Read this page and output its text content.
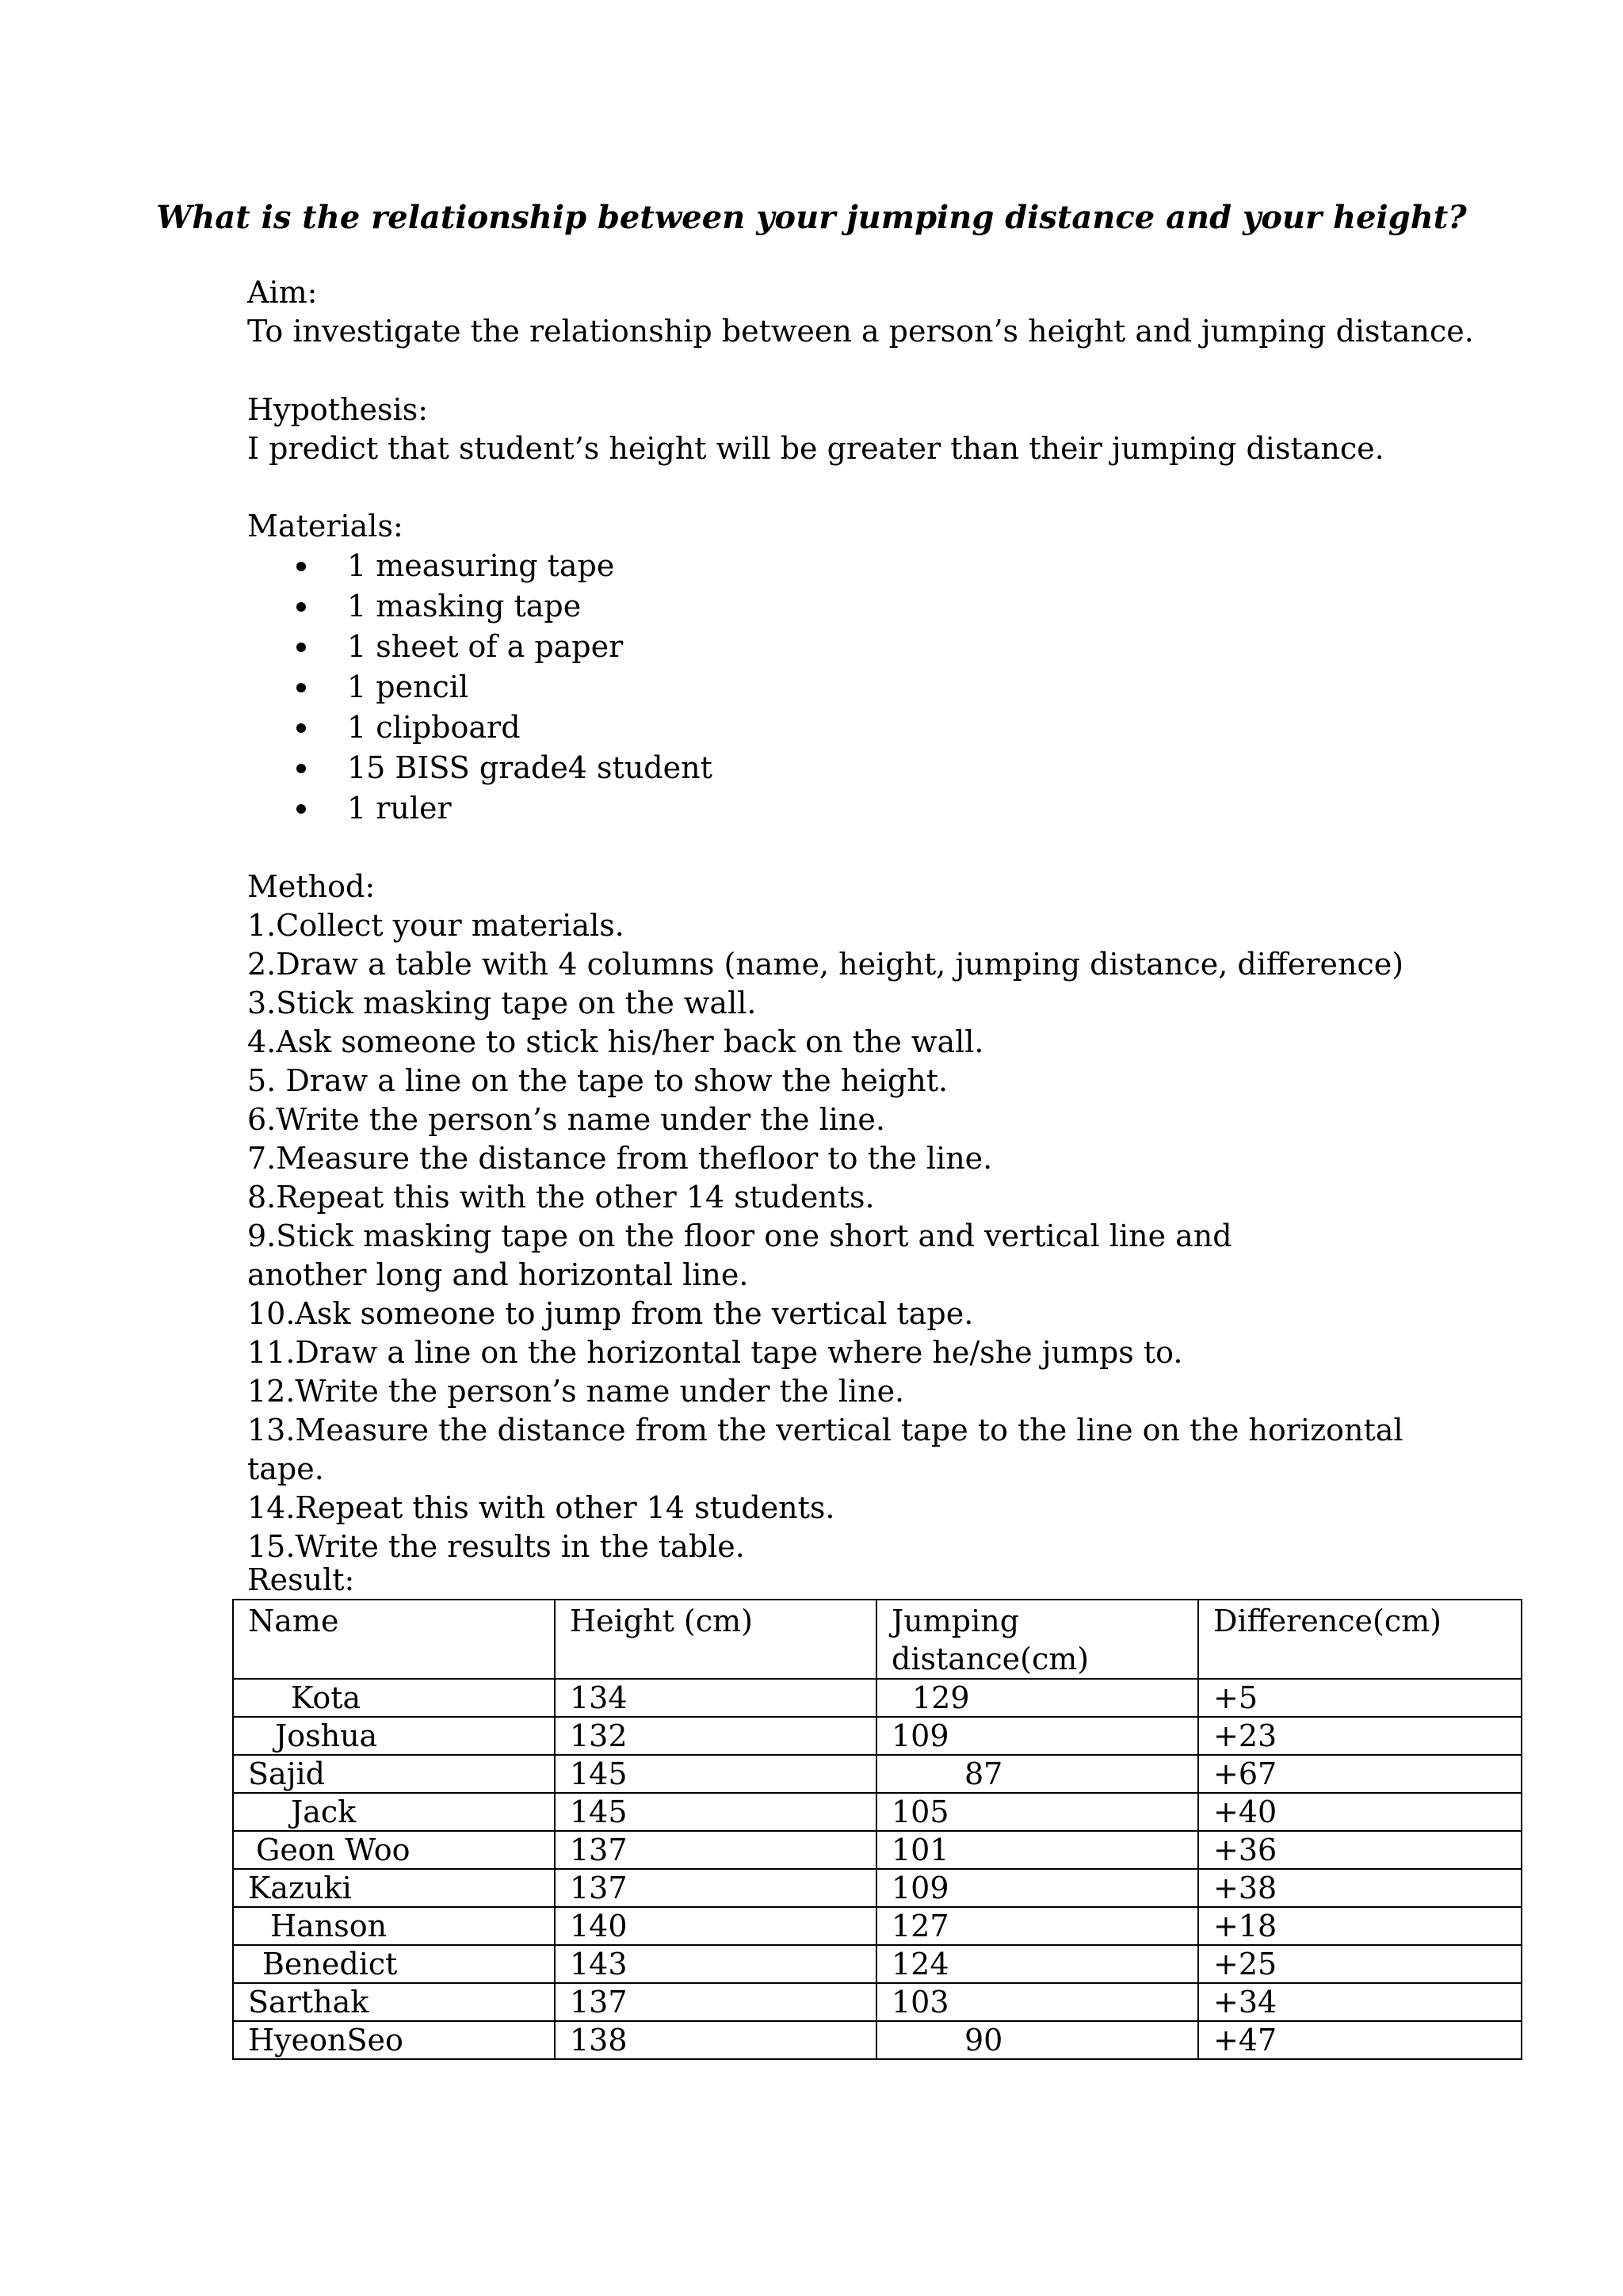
What is the relationship between your jumping distance and your height?
Aim:
To investigate the relationship between a person’s height and jumping distance.
Hypothesis:
I predict that student’s height will be greater than their jumping distance.
Materials:
1 measuring tape
1 masking tape
1 sheet of a paper
1 pencil
1 clipboard
15 BISS grade4 student
1 ruler
Method:
1.Collect your materials.
2.Draw a table with 4 columns (name, height, jumping distance, difference)
3.Stick masking tape on the wall.
4.Ask someone to stick his/her back on the wall.
5. Draw a line on the tape to show the height.
6.Write the person’s name under the line.
7.Measure the distance from thefloor to the line.
8.Repeat this with the other 14 students.
9.Stick masking tape on the floor one short and vertical line and another long and horizontal line.
10.Ask someone to jump from the vertical tape.
11.Draw a line on the horizontal tape where he/she jumps to.
12.Write the person’s name under the line.
13.Measure the distance from the vertical tape to the line on the horizontal tape.
14.Repeat this with other 14 students.
15.Write the results in the table.
Result:
Name	Height (cm)	Jumping distance(cm)	Difference(cm)
Kota	134	129	+5
Joshua	132	109	+23
Sajid	145	87	+67
Jack	145	105	+40
Geon Woo	137	101	+36
Kazuki	137	109	+38
Hanson	140	127	+18
Benedict	143	124	+25
Sarthak	137	103	+34
HyeonSeo	138	90	+47
